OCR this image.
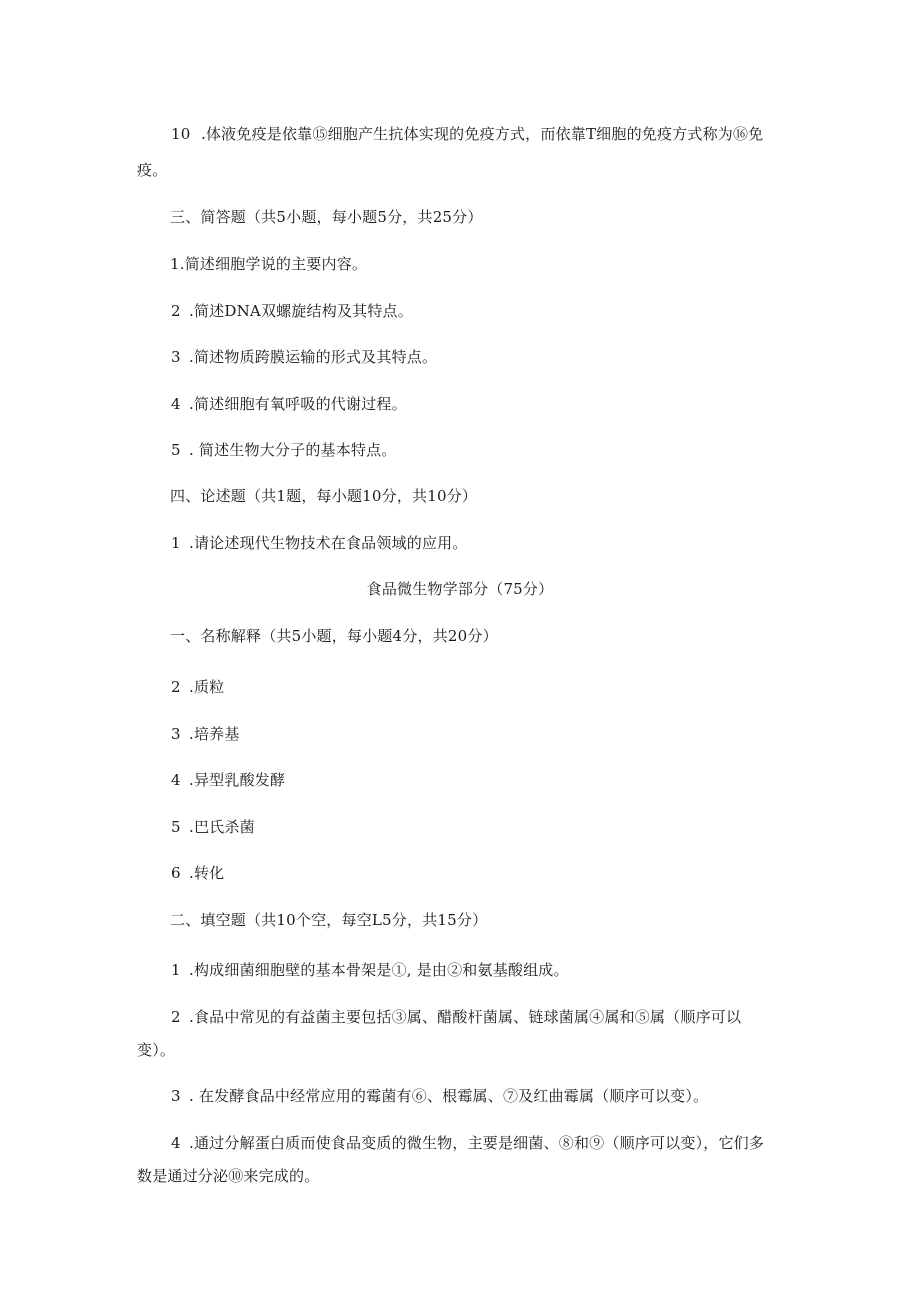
10 .体液免疫是依靠⑮细胞产生抗体实现的免疫方式，而依靠T细胞的免疫方式称为⑯免
疫。
三、简答题（共5小题，每小题5分，共25分）
1.简述细胞学说的主要内容。
2 .简述DNA双螺旋结构及其特点。
3 .简述物质跨膜运输的形式及其特点。
4 .简述细胞有氧呼吸的代谢过程。
5 . 简述生物大分子的基本特点。
四、论述题（共1题，每小题10分，共10分）
1 .请论述现代生物技术在食品领域的应用。
食品微生物学部分（75分）
一、名称解释（共5小题，每小题4分，共20分）
2 .质粒
3 .培养基
4 .异型乳酸发酵
5 .巴氏杀菌
6 .转化
二、填空题（共10个空，每空L5分，共15分）
1 .构成细菌细胞壁的基本骨架是①, 是由②和氨基酸组成。
2 .食品中常见的有益菌主要包括③属、醋酸杆菌属、链球菌属④属和⑤属（顺序可以
变）。
3 . 在发酵食品中经常应用的霉菌有⑥、根霉属、⑦及红曲霉属（顺序可以变）。
4 .通过分解蛋白质而使食品变质的微生物，主要是细菌、⑧和⑨（顺序可以变），它们多
数是通过分泌⑩来完成的。
